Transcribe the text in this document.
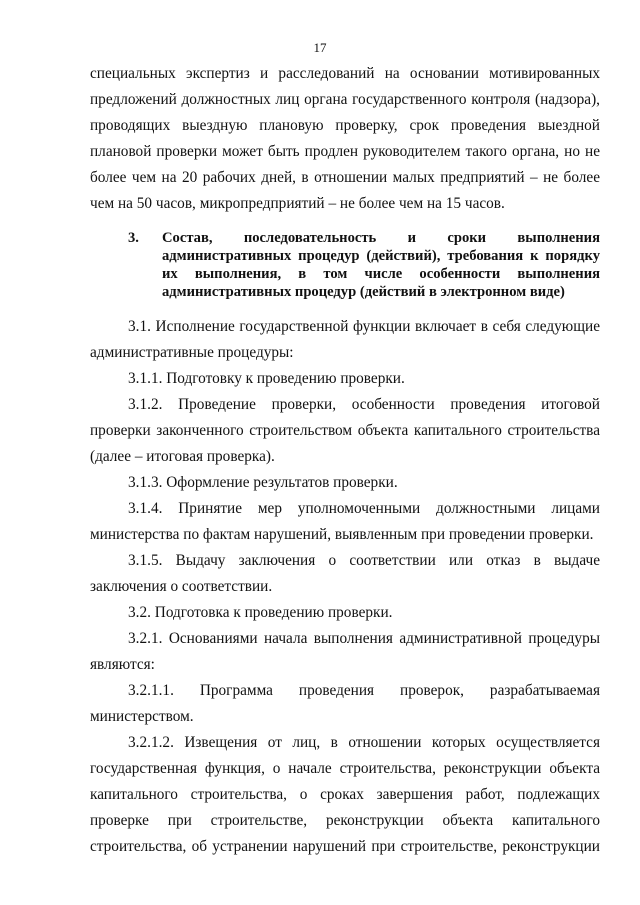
17

специальных экспертиз и расследований на основании мотивированных предложений должностных лиц органа государственного контроля (надзора), проводящих выездную плановую проверку, срок проведения выездной плановой проверки может быть продлен руководителем такого органа, но не более чем на 20 рабочих дней, в отношении малых предприятий – не более чем на 50 часов, микропредприятий – не более чем на 15 часов.

3. Состав, последовательность и сроки выполнения административных процедур (действий), требования к порядку их выполнения, в том числе особенности выполнения административных процедур (действий в электронном виде)

3.1. Исполнение государственной функции включает в себя следующие административные процедуры:

3.1.1. Подготовку к проведению проверки.

3.1.2. Проведение проверки, особенности проведения итоговой проверки законченного строительством объекта капитального строительства (далее – итоговая проверка).

3.1.3. Оформление результатов проверки.

3.1.4. Принятие мер уполномоченными должностными лицами министерства по фактам нарушений, выявленным при проведении проверки.

3.1.5. Выдачу заключения о соответствии или отказ в выдаче заключения о соответствии.

3.2. Подготовка к проведению проверки.

3.2.1. Основаниями начала выполнения административной процедуры являются:

3.2.1.1. Программа проведения проверок, разрабатываемая министерством.

3.2.1.2. Извещения от лиц, в отношении которых осуществляется государственная функция, о начале строительства, реконструкции объекта капитального строительства, о сроках завершения работ, подлежащих проверке при строительстве, реконструкции объекта капитального строительства, об устранении нарушений при строительстве, реконструкции
